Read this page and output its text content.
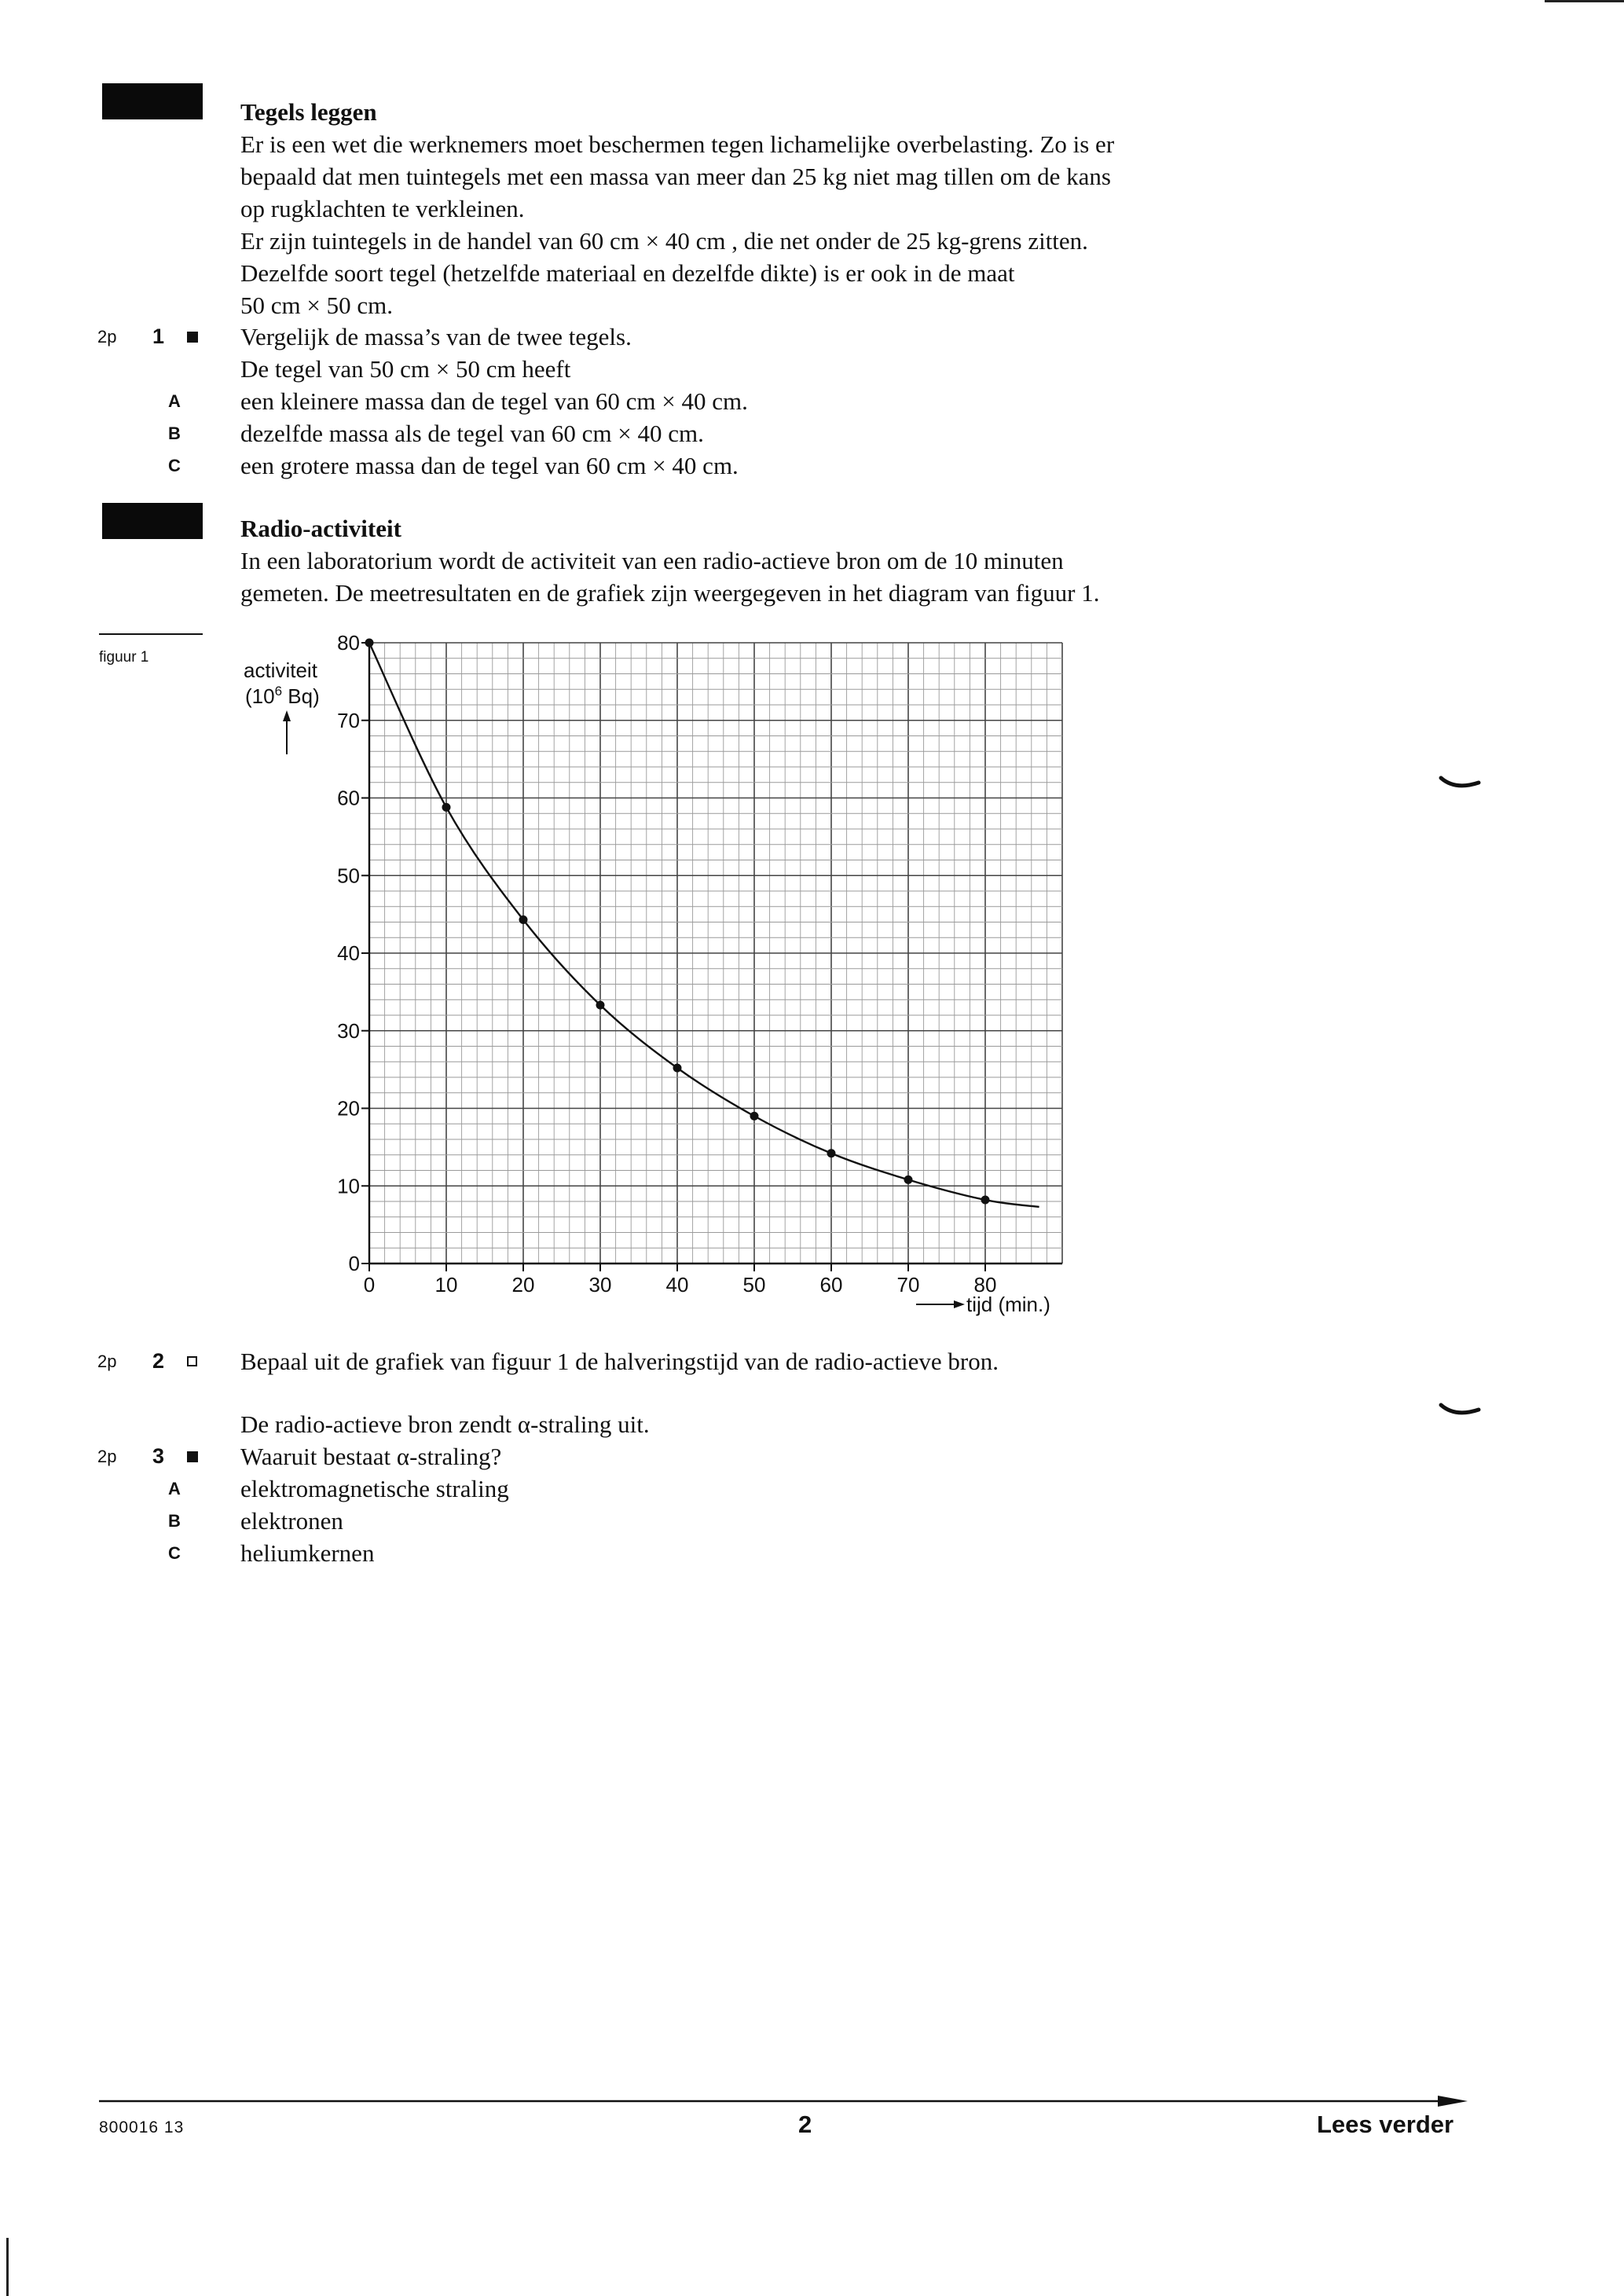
Tegels leggen
Er is een wet die werknemers moet beschermen tegen lichamelijke overbelasting. Zo is er
bepaald dat men tuintegels met een massa van meer dan 25 kg niet mag tillen om de kans
op rugklachten te verkleinen.
Er zijn tuintegels in de handel van 60 cm × 40 cm , die net onder de 25 kg-grens zitten.
Dezelfde soort tegel (hetzelfde materiaal en dezelfde dikte) is er ook in de maat
50 cm × 50 cm.
2p 1	Vergelijk de massa’s van de twee tegels.
De tegel van 50 cm × 50 cm heeft
A een kleinere massa dan de tegel van 60 cm × 40 cm.
B dezelfde massa als de tegel van 60 cm × 40 cm.
C een grotere massa dan de tegel van 60 cm × 40 cm.
Radio-activiteit
In een laboratorium wordt de activiteit van een radio-actieve bron om de 10 minuten
gemeten. De meetresultaten en de grafiek zijn weergegeven in het diagram van figuur 1.
figuur 1
0	10	20	30	40	50	60	70	80
0
10
20
30
40
50
60
70
80
activiteit
($10^6$ Bq)
tijd (min.)
2p 2	Bepaal uit de grafiek van figuur 1 de halveringstijd van de radio-actieve bron.
De radio-actieve bron zendt α-straling uit.
2p 3	Waaruit bestaat α-straling?
A elektromagnetische straling
B elektronen
C heliumkernen
800016 13	2	Lees verder
